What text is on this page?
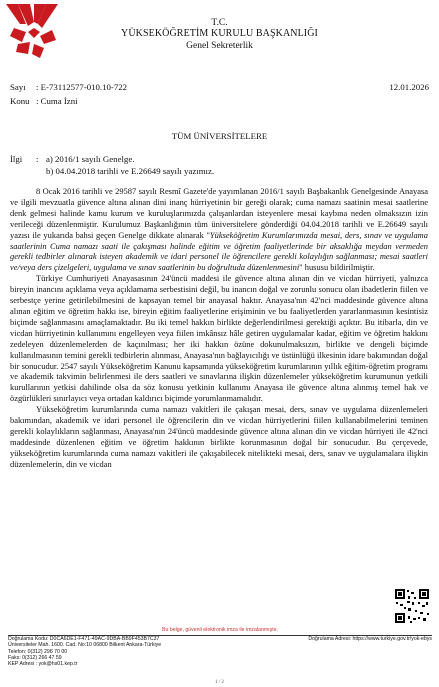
T.C.
YÜKSEKÖĞRETİM KURULU BAŞKANLIĞI
Genel Sekreterlik
Sayı : E-73112577-010.10-722	12.01.2026
Konu : Cuma İzni
TÜM ÜNİVERSİTELERE
İlgi	: a) 2016/1 sayılı Genelge.
b) 04.04.2018 tarihli ve E.26649 sayılı yazımız.

8 Ocak 2016 tarihli ve 29587 sayılı Resmî Gazete'de yayımlanan 2016/1 sayılı Başbakanlık Genelgesinde Anayasa ve ilgili mevzuatla güvence altına alınan dini inanç hürriyetinin bir gereği olarak; cuma namazı saatinin mesai saatlerine denk gelmesi halinde kamu kurum ve kuruluşlarımızda çalışanlardan isteyenlere mesai kaybına neden olmaksızın izin verileceği düzenlenmiştir. Kurulumuz Başkanlığının tüm üniversitelere gönderdiği 04.04.2018 tarihli ve E.26649 sayılı yazısı ile yukarıda bahsi geçen Genelge dikkate alınarak "Yükseköğretim Kurumlarımızda mesai, ders, sınav ve uygulama saatlerinin Cuma namazı saati ile çakışması halinde eğitim ve öğretim faaliyetlerinde bir aksaklığa meydan vermeden gerekli tedbirler alınarak isteyen akademik ve idari personel ile öğrencilere gerekli kolaylığın sağlanması; mesai saatleri ve/veya ders çizelgeleri, uygulama ve sınav saatlerinin bu doğrultuda düzenlenmesini" hususu bildirilmiştir.

Türkiye Cumhuriyeti Anayasasının 24'üncü maddesi ile güvence altına alınan din ve vicdan hürriyeti, yalnızca bireyin inancını açıklama veya açıklamama serbestisini değil, bu inancın doğal ve zorunlu sonucu olan ibadetlerin fiilen ve serbestçe yerine getirilebilmesini de kapsayan temel bir anayasal haktır. Anayasa'nın 42'nci maddesinde güvence altına alınan eğitim ve öğretim hakkı ise, bireyin eğitim faaliyetlerine erişiminin ve bu faaliyetlerden yararlanmasının kesintisiz biçimde sağlanmasını amaçlamaktadır. Bu iki temel hakkın birlikte değerlendirilmesi gerektiği açıktır. Bu itibarla, din ve vicdan hürriyetinin kullanımını engelleyen veya fiilen imkânsız hâle getiren uygulamalar kadar, eğitim ve öğretim hakkını zedeleyen düzenlemelerden de kaçınılması; her iki hakkın özüne dokunulmaksızın, birlikte ve dengeli biçimde kullanılmasının temini gerekli tedbirlerin alınması, Anayasa'nın bağlayıcılığı ve üstünlüğü ilkesinin idare bakımından doğal bir sonucudur. 2547 sayılı Yükseköğretim Kanunu kapsamında yükseköğretim kurumlarının yıllık eğitim-öğretim programı ve akademik takvimin belirlenmesi ile ders saatleri ve sınavlarına ilişkin düzenlemeler yükseköğretim kurumunun yetkili kurullarının yetkisi dahilinde olsa da söz konusu yetkinin kullanımı Anayasa ile güvence altına alınmış temel hak ve özgürlükleri sınırlayıcı veya ortadan kaldırıcı biçimde yorumlanmamalıdır.

Yükseköğretim kurumlarında cuma namazı vakitleri ile çakışan mesai, ders, sınav ve uygulama düzenlemeleri bakımından, akademik ve idari personel ile öğrencilerin din ve vicdan hürriyetlerini fiilen kullanabilmelerini teminen gerekli kolaylıkların sağlanması, Anayasa'nın 24'üncü maddesinde güvence altına alınan din ve vicdan hürriyeti ile 42'nci maddesinde düzenlenen eğitim ve öğretim hakkının birlikte korunmasının doğal bir sonucudur. Bu çerçevede, yükseköğretim kurumlarında cuma namazı vakitleri ile çakışabilecek nitelikteki mesai, ders, sınav ve uygulamalara ilişkin düzenlemelerin, din ve vicdan

Bu belge, güvenli elektronik imza ile imzalanmıştır.
Doğrulama Kodu: D0CA6DE1-F471-49AC-9DBA-BB9F453B7C37
Üniversiteler Mah. 1600. Cad. No:10 06800 Bilkent Ankara-Türkiye
Telefon: 0(312) 298 70 00
Faks: 0(312) 266 47 59
KEP Adresi : yok@hs01.kep.tr
Doğrulama Adresi: https://www.turkiye.gov.tr/yok-ebys
1 / 2
